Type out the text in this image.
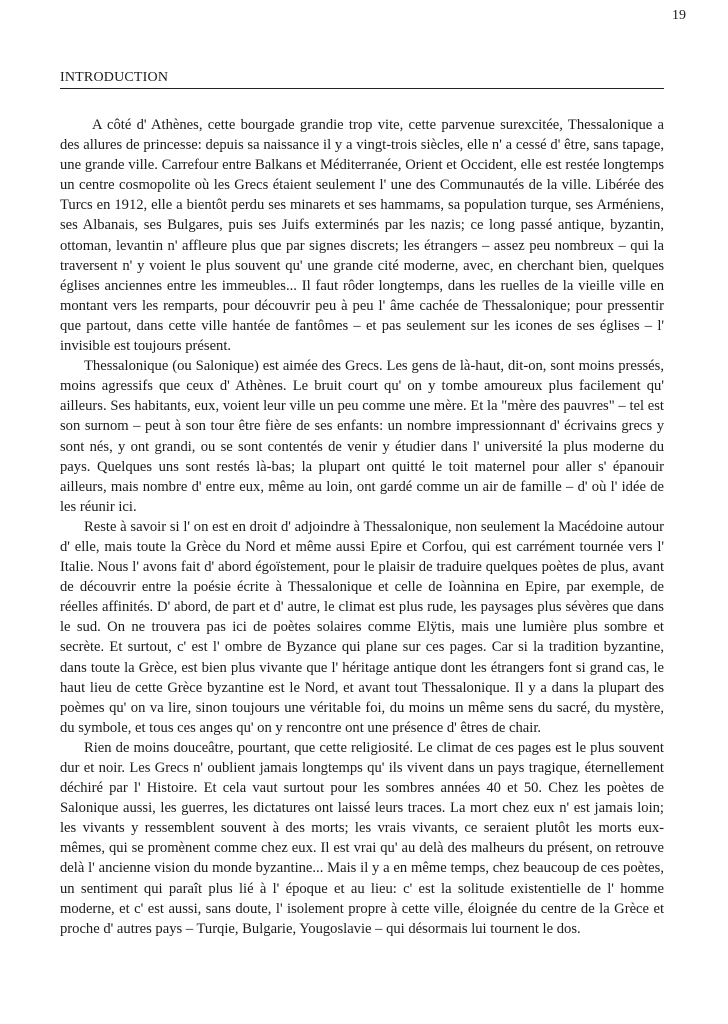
19
INTRODUCTION

A côté d' Athènes, cette bourgade grandie trop vite, cette parvenue surexcitée, Thessalonique a des allures de princesse: depuis sa naissance il y a vingt-trois siècles, elle n' a cessé d' être, sans tapage, une grande ville. Carrefour entre Balkans et Méditerranée, Orient et Occident, elle est restée longtemps un centre cosmopolite où les Grecs étaient seulement l' une des Communautés de la ville. Libérée des Turcs en 1912, elle a bientôt perdu ses minarets et ses hammams, sa population turque, ses Arméniens, ses Albanais, ses Bulgares, puis ses Juifs exterminés par les nazis; ce long passé antique, byzantin, ottoman, levantin n' affleure plus que par signes discrets; les étrangers – assez peu nombreux – qui la traversent n' y voient le plus souvent qu' une grande cité moderne, avec, en cherchant bien, quelques églises anciennes entre les immeubles... Il faut rôder longtemps, dans les ruelles de la vieille ville en montant vers les remparts, pour découvrir peu à peu l' âme cachée de Thessalonique; pour pressentir que partout, dans cette ville hantée de fantômes – et pas seulement sur les icones de ses églises – l' invisible est toujours présent.

Thessalonique (ou Salonique) est aimée des Grecs. Les gens de là-haut, dit-on, sont moins pressés, moins agressifs que ceux d' Athènes. Le bruit court qu' on y tombe amoureux plus facilement qu' ailleurs. Ses habitants, eux, voient leur ville un peu comme une mère. Et la "mère des pauvres" – tel est son surnom – peut à son tour être fière de ses enfants: un nombre impressionnant d' écrivains grecs y sont nés, y ont grandi, ou se sont contentés de venir y étudier dans l' université la plus moderne du pays. Quelques uns sont restés là-bas; la plupart ont quitté le toit maternel pour aller s' épanouir ailleurs, mais nombre d' entre eux, même au loin, ont gardé comme un air de famille – d' où l' idée de les réunir ici.

Reste à savoir si l' on est en droit d' adjoindre à Thessalonique, non seulement la Macédoine autour d' elle, mais toute la Grèce du Nord et même aussi Epire et Corfou, qui est carrément tournée vers l' Italie. Nous l' avons fait d' abord égoïstement, pour le plaisir de traduire quelques poètes de plus, avant de découvrir entre la poésie écrite à Thessalonique et celle de Ioànnina en Epire, par exemple, de réelles affinités. D' abord, de part et d' autre, le climat est plus rude, les paysages plus sévères que dans le sud. On ne trouvera pas ici de poètes solaires comme Elÿtis, mais une lumière plus sombre et secrète. Et surtout, c' est l' ombre de Byzance qui plane sur ces pages. Car si la tradition byzantine, dans toute la Grèce, est bien plus vivante que l' héritage antique dont les étrangers font si grand cas, le haut lieu de cette Grèce byzantine est le Nord, et avant tout Thessalonique. Il y a dans la plupart des poèmes qu' on va lire, sinon toujours une véritable foi, du moins un même sens du sacré, du mystère, du symbole, et tous ces anges qu' on y rencontre ont une présence d' êtres de chair.

Rien de moins douceâtre, pourtant, que cette religiosité. Le climat de ces pages est le plus souvent dur et noir. Les Grecs n' oublient jamais longtemps qu' ils vivent dans un pays tragique, éternellement déchiré par l' Histoire. Et cela vaut surtout pour les sombres années 40 et 50. Chez les poètes de Salonique aussi, les guerres, les dictatures ont laissé leurs traces. La mort chez eux n' est jamais loin; les vivants y ressemblent souvent à des morts; les vrais vivants, ce seraient plutôt les morts eux-mêmes, qui se promènent comme chez eux. Il est vrai qu' au delà des malheurs du présent, on retrouve delà l' ancienne vision du monde byzantine... Mais il y a en même temps, chez beaucoup de ces poètes, un sentiment qui paraît plus lié à l' époque et au lieu: c' est la solitude existentielle de l' homme moderne, et c' est aussi, sans doute, l' isolement propre à cette ville, éloignée du centre de la Grèce et proche d' autres pays – Turqie, Bulgarie, Yougoslavie – qui désormais lui tournent le dos.
